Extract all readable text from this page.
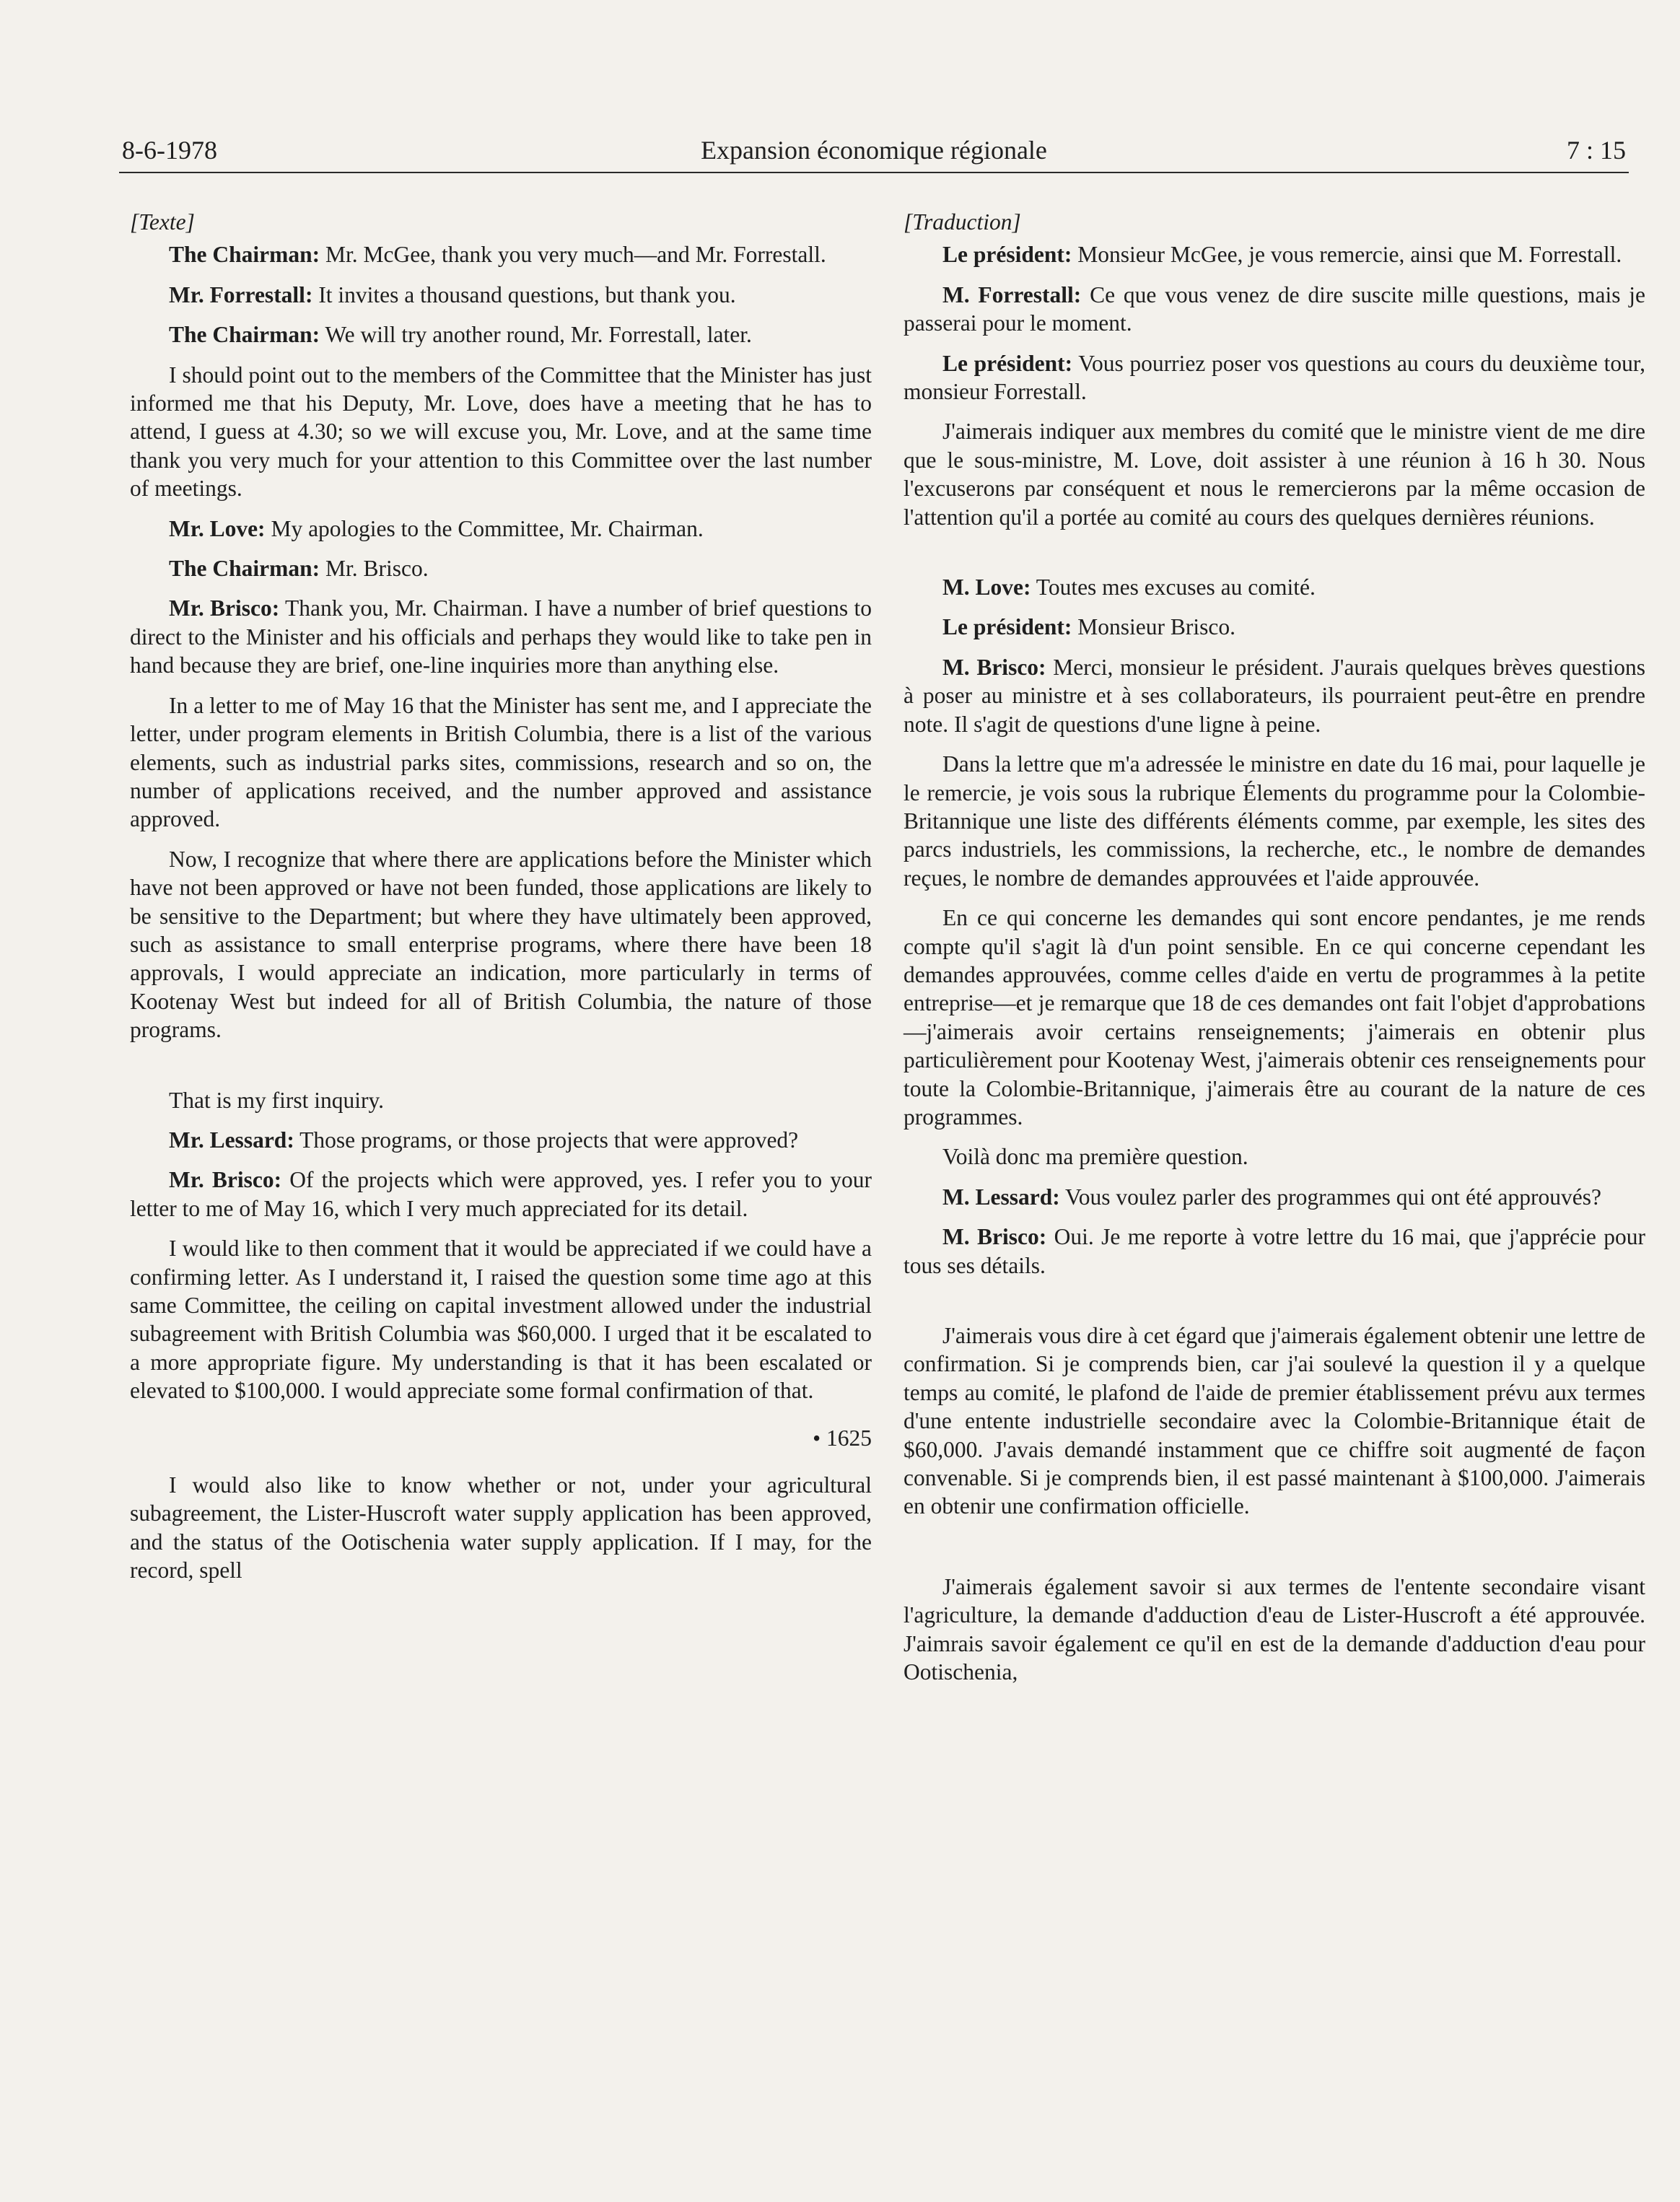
8-6-1978	Expansion économique régionale	7 : 15

[Texte]

The Chairman: Mr. McGee, thank you very much—and Mr. Forrestall.

Mr. Forrestall: It invites a thousand questions, but thank you.

The Chairman: We will try another round, Mr. Forrestall, later.

I should point out to the members of the Committee that the Minister has just informed me that his Deputy, Mr. Love, does have a meeting that he has to attend, I guess at 4.30; so we will excuse you, Mr. Love, and at the same time thank you very much for your attention to this Committee over the last number of meetings.

Mr. Love: My apologies to the Committee, Mr. Chairman.

The Chairman: Mr. Brisco.

Mr. Brisco: Thank you, Mr. Chairman. I have a number of brief questions to direct to the Minister and his officials and perhaps they would like to take pen in hand because they are brief, one-line inquiries more than anything else.

In a letter to me of May 16 that the Minister has sent me, and I appreciate the letter, under program elements in British Columbia, there is a list of the various elements, such as industrial parks sites, commissions, research and so on, the number of applications received, and the number approved and assistance approved.

Now, I recognize that where there are applications before the Minister which have not been approved or have not been funded, those applications are likely to be sensitive to the Department; but where they have ultimately been approved, such as assistance to small enterprise programs, where there have been 18 approvals, I would appreciate an indication, more particularly in terms of Kootenay West but indeed for all of British Columbia, the nature of those programs.

That is my first inquiry.

Mr. Lessard: Those programs, or those projects that were approved?

Mr. Brisco: Of the projects which were approved, yes. I refer you to your letter to me of May 16, which I very much appreciated for its detail.

I would like to then comment that it would be appreciated if we could have a confirming letter. As I understand it, I raised the question some time ago at this same Committee, the ceiling on capital investment allowed under the industrial subagreement with British Columbia was $60,000. I urged that it be escalated to a more appropriate figure. My understanding is that it has been escalated or elevated to $100,000. I would appreciate some formal confirmation of that.

• 1625

I would also like to know whether or not, under your agricultural subagreement, the Lister-Huscroft water supply application has been approved, and the status of the Ootischenia water supply application. If I may, for the record, spell

[Traduction]

Le président: Monsieur McGee, je vous remercie, ainsi que M. Forrestall.

M. Forrestall: Ce que vous venez de dire suscite mille questions, mais je passerai pour le moment.

Le président: Vous pourriez poser vos questions au cours du deuxième tour, monsieur Forrestall.

J'aimerais indiquer aux membres du comité que le ministre vient de me dire que le sous-ministre, M. Love, doit assister à une réunion à 16 h 30. Nous l'excuserons par conséquent et nous le remercierons par la même occasion de l'attention qu'il a portée au comité au cours des quelques dernières réunions.

M. Love: Toutes mes excuses au comité.

Le président: Monsieur Brisco.

M. Brisco: Merci, monsieur le président. J'aurais quelques brèves questions à poser au ministre et à ses collaborateurs, ils pourraient peut-être en prendre note. Il s'agit de questions d'une ligne à peine.

Dans la lettre que m'a adressée le ministre en date du 16 mai, pour laquelle je le remercie, je vois sous la rubrique Élements du programme pour la Colombie-Britannique une liste des différents éléments comme, par exemple, les sites des parcs industriels, les commissions, la recherche, etc., le nombre de demandes reçues, le nombre de demandes approuvées et l'aide approuvée.

En ce qui concerne les demandes qui sont encore pendantes, je me rends compte qu'il s'agit là d'un point sensible. En ce qui concerne cependant les demandes approuvées, comme celles d'aide en vertu de programmes à la petite entreprise—et je remarque que 18 de ces demandes ont fait l'objet d'approbations—j'aimerais avoir certains renseignements; j'aimerais en obtenir plus particulièrement pour Kootenay West, j'aimerais obtenir ces renseignements pour toute la Colombie-Britannique, j'aimerais être au courant de la nature de ces programmes.

Voilà donc ma première question.

M. Lessard: Vous voulez parler des programmes qui ont été approuvés?

M. Brisco: Oui. Je me reporte à votre lettre du 16 mai, que j'apprécie pour tous ses détails.

J'aimerais vous dire à cet égard que j'aimerais également obtenir une lettre de confirmation. Si je comprends bien, car j'ai soulevé la question il y a quelque temps au comité, le plafond de l'aide de premier établissement prévu aux termes d'une entente industrielle secondaire avec la Colombie-Britannique était de $60,000. J'avais demandé instamment que ce chiffre soit augmenté de façon convenable. Si je comprends bien, il est passé maintenant à $100,000. J'aimerais en obtenir une confirmation officielle.

J'aimerais également savoir si aux termes de l'entente secondaire visant l'agriculture, la demande d'adduction d'eau de Lister-Huscroft a été approuvée. J'aimrais savoir également ce qu'il en est de la demande d'adduction d'eau pour Ootischenia,
